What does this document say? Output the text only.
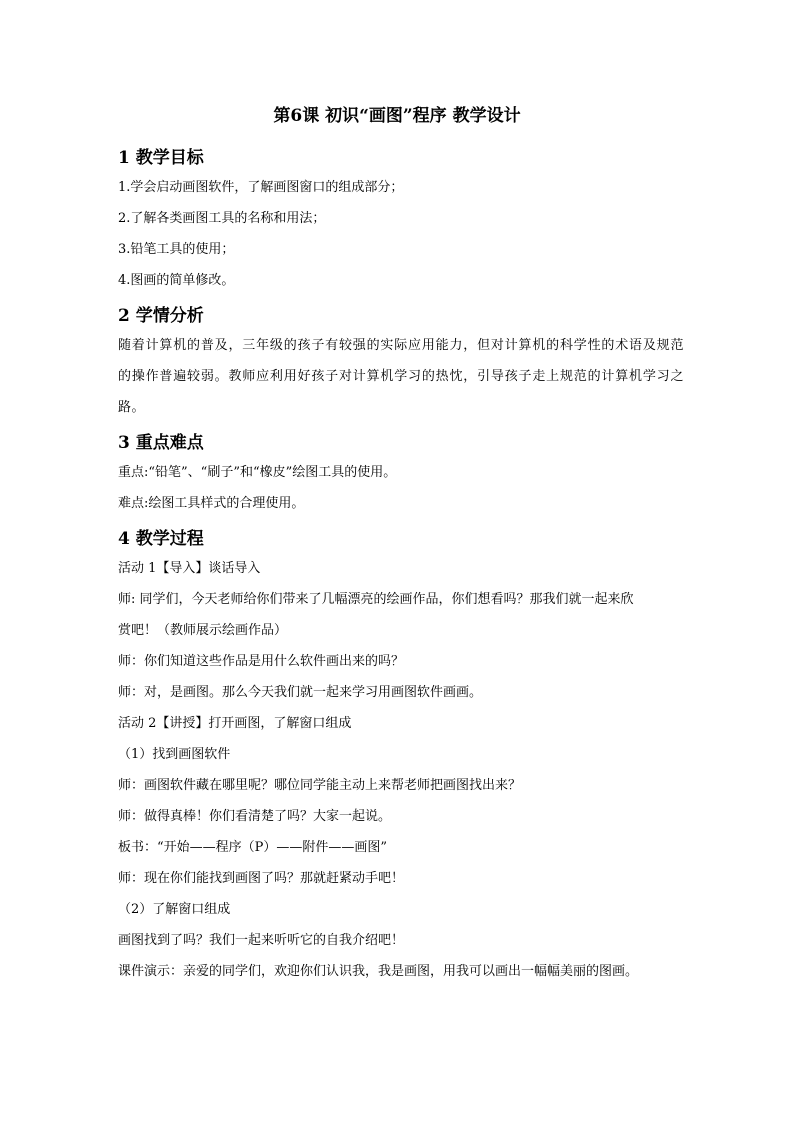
第6课 初识“画图”程序 教学设计
1 教学目标
1.学会启动画图软件，了解画图窗口的组成部分；
2.了解各类画图工具的名称和用法；
3.铅笔工具的使用；
4.图画的简单修改。
2 学情分析
随着计算机的普及，三年级的孩子有较强的实际应用能力，但对计算机的科学性的术语及规范的操作普遍较弱。教师应利用好孩子对计算机学习的热忱，引导孩子走上规范的计算机学习之路。
3 重点难点
重点:“铅笔”、“刷子”和“橡皮”绘图工具的使用。
难点:绘图工具样式的合理使用。
4 教学过程
活动 1【导入】谈话导入
师: 同学们，今天老师给你们带来了几幅漂亮的绘画作品，你们想看吗？那我们就一起来欣
赏吧！（教师展示绘画作品）
师：你们知道这些作品是用什么软件画出来的吗？
师：对，是画图。那么今天我们就一起来学习用画图软件画画。
活动 2【讲授】打开画图，了解窗口组成
（1）找到画图软件
师：画图软件藏在哪里呢？哪位同学能主动上来帮老师把画图找出来？
师：做得真棒！你们看清楚了吗？大家一起说。
板书：“开始——程序（P）——附件——画图”
师：现在你们能找到画图了吗？那就赶紧动手吧！
（2）了解窗口组成
画图找到了吗？我们一起来听听它的自我介绍吧！
课件演示：亲爱的同学们，欢迎你们认识我，我是画图，用我可以画出一幅幅美丽的图画。
